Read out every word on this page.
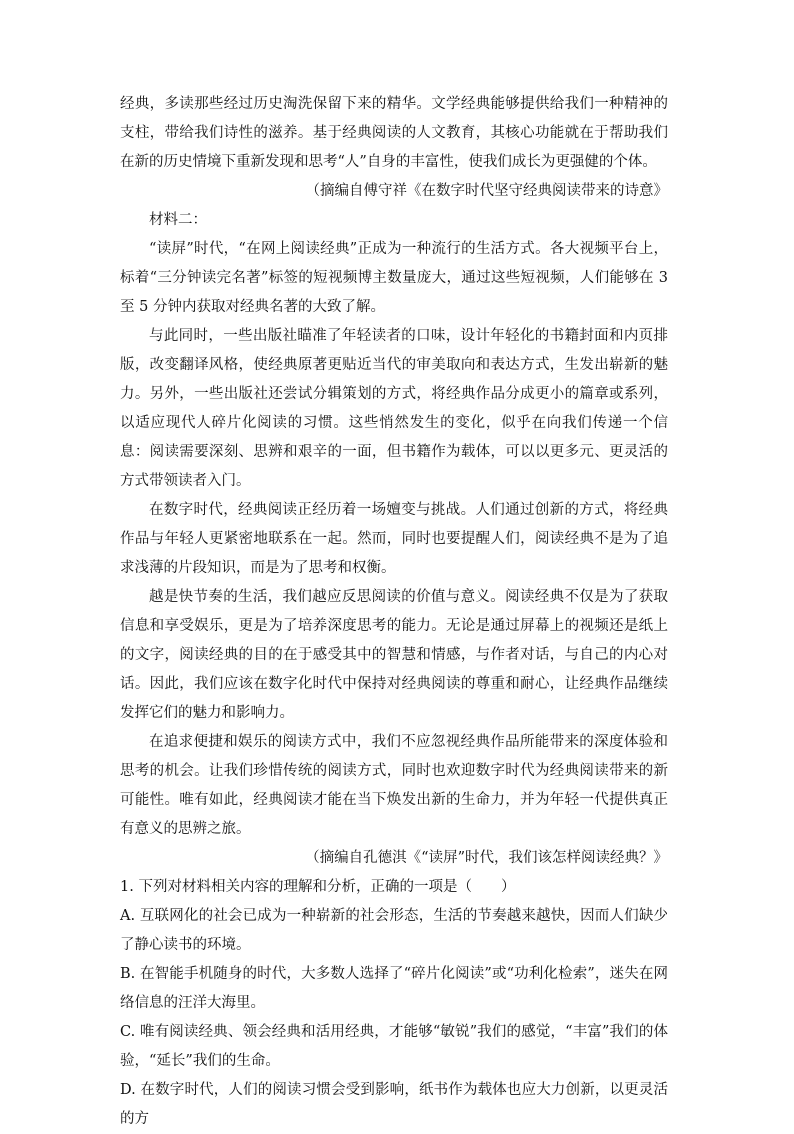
经典，多读那些经过历史淘洗保留下来的精华。文学经典能够提供给我们一种精神的支柱，带给我们诗性的滋养。基于经典阅读的人文教育，其核心功能就在于帮助我们在新的历史情境下重新发现和思考“人”自身的丰富性，使我们成长为更强健的个体。

（摘编自傅守祥《在数字时代坚守经典阅读带来的诗意》

材料二：

“读屏”时代，“在网上阅读经典”正成为一种流行的生活方式。各大视频平台上，标着“三分钟读完名著”标签的短视频博主数量庞大，通过这些短视频，人们能够在 3 至 5 分钟内获取对经典名著的大致了解。

与此同时，一些出版社瞄准了年轻读者的口味，设计年轻化的书籍封面和内页排版，改变翻译风格，使经典原著更贴近当代的审美取向和表达方式，生发出崭新的魅力。另外，一些出版社还尝试分辑策划的方式，将经典作品分成更小的篇章或系列，以适应现代人碎片化阅读的习惯。这些悄然发生的变化，似乎在向我们传递一个信息：阅读需要深刻、思辨和艰辛的一面，但书籍作为载体，可以以更多元、更灵活的方式带领读者入门。

在数字时代，经典阅读正经历着一场嬗变与挑战。人们通过创新的方式，将经典作品与年轻人更紧密地联系在一起。然而，同时也要提醒人们，阅读经典不是为了追求浅薄的片段知识，而是为了思考和权衡。

越是快节奏的生活，我们越应反思阅读的价值与意义。阅读经典不仅是为了获取信息和享受娱乐，更是为了培养深度思考的能力。无论是通过屏幕上的视频还是纸上的文字，阅读经典的目的在于感受其中的智慧和情感，与作者对话，与自己的内心对话。因此，我们应该在数字化时代中保持对经典阅读的尊重和耐心，让经典作品继续发挥它们的魅力和影响力。

在追求便捷和娱乐的阅读方式中，我们不应忽视经典作品所能带来的深度体验和思考的机会。让我们珍惜传统的阅读方式，同时也欢迎数字时代为经典阅读带来的新可能性。唯有如此，经典阅读才能在当下焕发出新的生命力，并为年轻一代提供真正有意义的思辨之旅。

（摘编自孔德淇《“读屏”时代，我们该怎样阅读经典？》

1. 下列对材料相关内容的理解和分析，正确的一项是（　　）

A. 互联网化的社会已成为一种崭新的社会形态，生活的节奏越来越快，因而人们缺少了静心读书的环境。

B. 在智能手机随身的时代，大多数人选择了“碎片化阅读”或“功利化检索”，迷失在网络信息的汪洋大海里。

C. 唯有阅读经典、领会经典和活用经典，才能够“敏锐”我们的感觉，“丰富”我们的体验，“延长”我们的生命。

D. 在数字时代，人们的阅读习惯会受到影响，纸书作为载体也应大力创新，以更灵活的方
